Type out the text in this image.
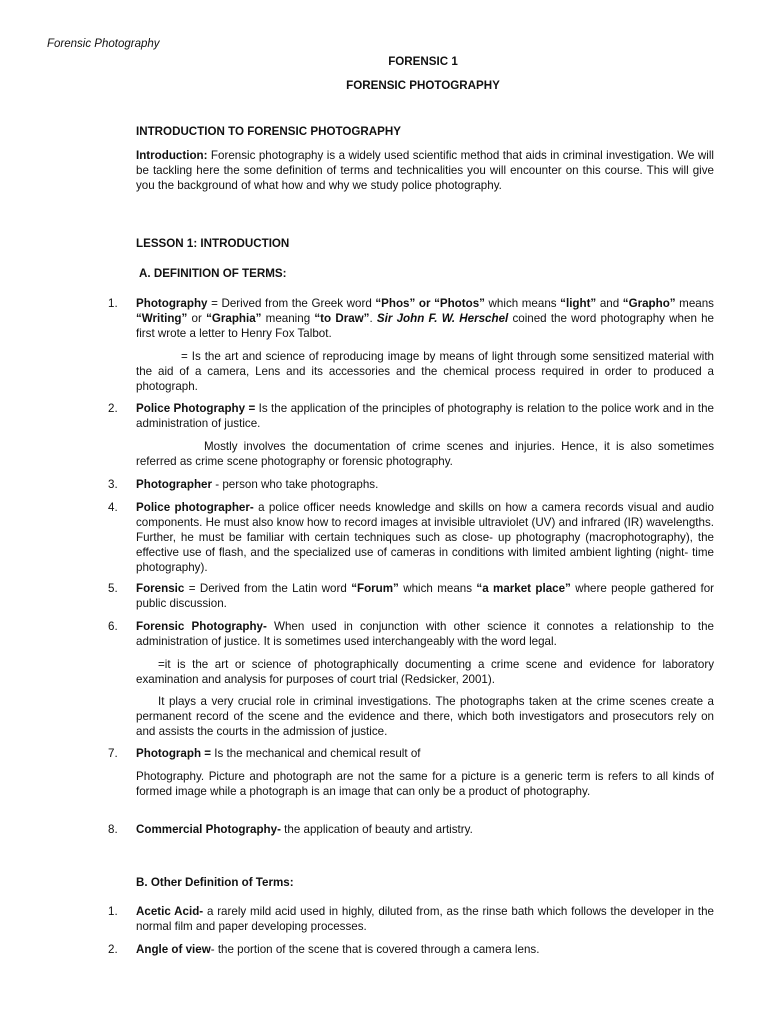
Forensic Photography
FORENSIC 1
FORENSIC PHOTOGRAPHY
INTRODUCTION TO FORENSIC PHOTOGRAPHY
Introduction: Forensic photography is a widely used scientific method that aids in criminal investigation. We will be tackling here the some definition of terms and technicalities you will encounter on this course. This will give you the background of what how and why we study police photography.
LESSON 1: INTRODUCTION
A. DEFINITION OF TERMS:
1. Photography = Derived from the Greek word “Phos” or “Photos” which means “light” and “Grapho” means “Writing” or “Graphia” meaning “to Draw”. Sir John F. W. Herschel coined the word photography when he first wrote a letter to Henry Fox Talbot.
= Is the art and science of reproducing image by means of light through some sensitized material with the aid of a camera, Lens and its accessories and the chemical process required in order to produced a photograph.
2. Police Photography = Is the application of the principles of photography is relation to the police work and in the administration of justice.
Mostly involves the documentation of crime scenes and injuries. Hence, it is also sometimes referred as crime scene photography or forensic photography.
3. Photographer - person who take photographs.
4. Police photographer- a police officer needs knowledge and skills on how a camera records visual and audio components. He must also know how to record images at invisible ultraviolet (UV) and infrared (IR) wavelengths. Further, he must be familiar with certain techniques such as close- up photography (macrophotography), the effective use of flash, and the specialized use of cameras in conditions with limited ambient lighting (night- time photography).
5. Forensic = Derived from the Latin word “Forum” which means “a market place” where people gathered for public discussion.
6. Forensic Photography- When used in conjunction with other science it connotes a relationship to the administration of justice. It is sometimes used interchangeably with the word legal.
=it is the art or science of photographically documenting a crime scene and evidence for laboratory examination and analysis for purposes of court trial (Redsicker, 2001).
It plays a very crucial role in criminal investigations. The photographs taken at the crime scenes create a permanent record of the scene and the evidence and there, which both investigators and prosecutors rely on and assists the courts in the admission of justice.
7. Photograph = Is the mechanical and chemical result of
Photography. Picture and photograph are not the same for a picture is a generic term is refers to all kinds of formed image while a photograph is an image that can only be a product of photography.
8. Commercial Photography- the application of beauty and artistry.
B. Other Definition of Terms:
1. Acetic Acid- a rarely mild acid used in highly, diluted from, as the rinse bath which follows the developer in the normal film and paper developing processes.
2. Angle of view- the portion of the scene that is covered through a camera lens.
